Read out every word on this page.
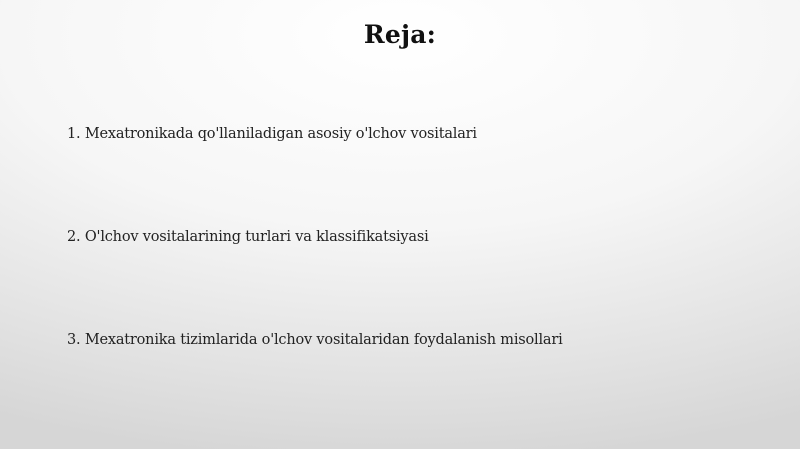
Reja:
1. Mexatronikada qo'llaniladigan asosiy o'lchov vositalari
2. O'lchov vositalarining turlari va klassifikatsiyasi
3. Mexatronika tizimlarida o'lchov vositalaridan foydalanish misollari
